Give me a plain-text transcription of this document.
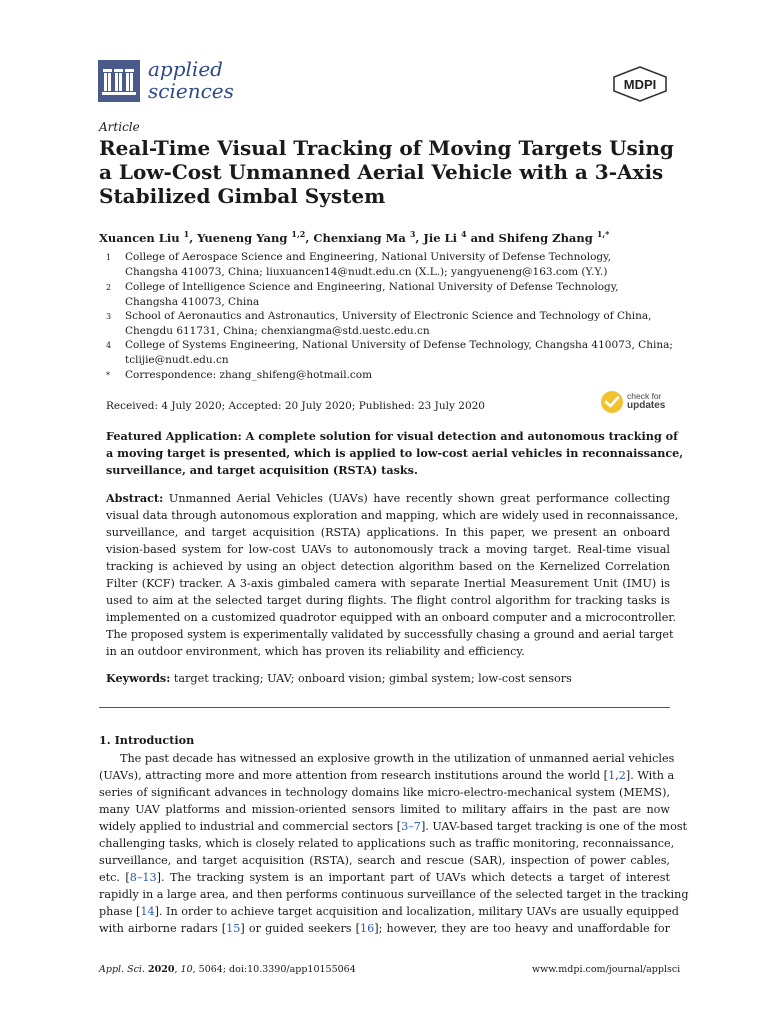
applied
sciences	MDPI
Article
Real-Time Visual Tracking of Moving Targets Using
a Low-Cost Unmanned Aerial Vehicle with a 3-Axis
Stabilized Gimbal System
Xuancen Liu $^1$, Yueneng Yang $^{1,2}$, Chenxiang Ma $^3$, Jie Li $^4$ and Shifeng Zhang $^{1,*}$
1 College of Aerospace Science and Engineering, National University of Defense Technology,
Changsha 410073, China; liuxuancen14@nudt.edu.cn (X.L.); yangyueneng@163.com (Y.Y.)
2 College of Intelligence Science and Engineering, National University of Defense Technology,
Changsha 410073, China
3 School of Aeronautics and Astronautics, University of Electronic Science and Technology of China,
Chengdu 611731, China; chenxiangma@std.uestc.edu.cn
4 College of Systems Engineering, National University of Defense Technology, Changsha 410073, China;
tclijie@nudt.edu.cn
* Correspondence: zhang_shifeng@hotmail.com
Received: 4 July 2020; Accepted: 20 July 2020; Published: 23 July 2020
check for
updates
Featured Application: A complete solution for visual detection and autonomous tracking of
a moving target is presented, which is applied to low-cost aerial vehicles in reconnaissance,
surveillance, and target acquisition (RSTA) tasks.
Abstract: Unmanned Aerial Vehicles (UAVs) have recently shown great performance collecting
visual data through autonomous exploration and mapping, which are widely used in reconnaissance,
surveillance, and target acquisition (RSTA) applications. In this paper, we present an onboard
vision-based system for low-cost UAVs to autonomously track a moving target. Real-time visual
tracking is achieved by using an object detection algorithm based on the Kernelized Correlation
Filter (KCF) tracker. A 3-axis gimbaled camera with separate Inertial Measurement Unit (IMU) is
used to aim at the selected target during flights. The flight control algorithm for tracking tasks is
implemented on a customized quadrotor equipped with an onboard computer and a microcontroller.
The proposed system is experimentally validated by successfully chasing a ground and aerial target
in an outdoor environment, which has proven its reliability and efficiency.
Keywords: target tracking; UAV; onboard vision; gimbal system; low-cost sensors
1. Introduction
The past decade has witnessed an explosive growth in the utilization of unmanned aerial vehicles
(UAVs), attracting more and more attention from research institutions around the world [1,2]. With a
series of significant advances in technology domains like micro-electro-mechanical system (MEMS),
many UAV platforms and mission-oriented sensors limited to military affairs in the past are now
widely applied to industrial and commercial sectors [3–7]. UAV-based target tracking is one of the most
challenging tasks, which is closely related to applications such as traffic monitoring, reconnaissance,
surveillance, and target acquisition (RSTA), search and rescue (SAR), inspection of power cables,
etc. [8–13]. The tracking system is an important part of UAVs which detects a target of interest
rapidly in a large area, and then performs continuous surveillance of the selected target in the tracking
phase [14]. In order to achieve target acquisition and localization, military UAVs are usually equipped
with airborne radars [15] or guided seekers [16]; however, they are too heavy and unaffordable for
Appl. Sci. 2020, 10, 5064; doi:10.3390/app10155064	www.mdpi.com/journal/applsci
